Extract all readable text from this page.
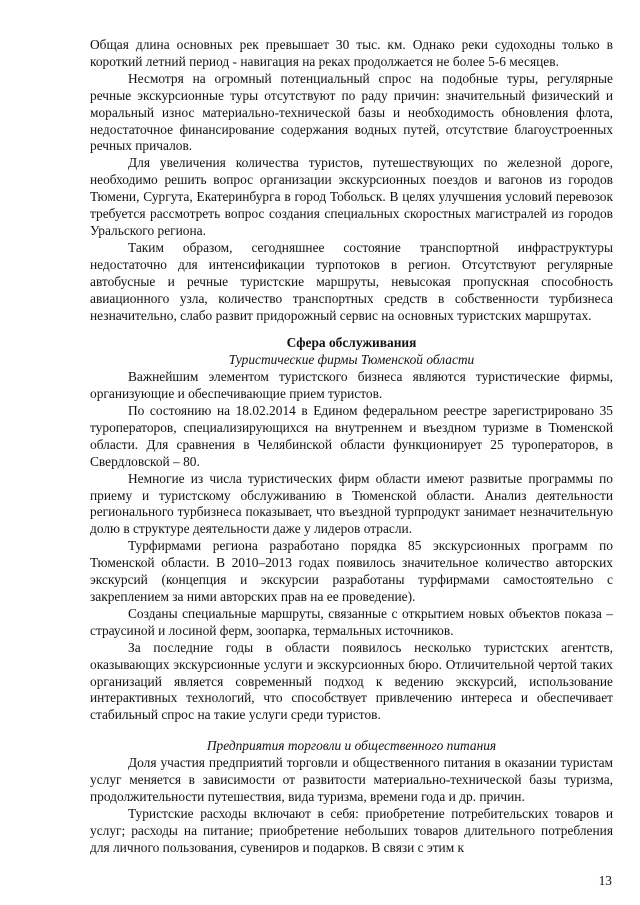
Общая длина основных рек превышает 30 тыс. км. Однако реки судоходны только в короткий летний период - навигация на реках продолжается не более 5-6 месяцев.

Несмотря на огромный потенциальный спрос на подобные туры, регулярные речные экскурсионные туры отсутствуют по раду причин: значительный физический и моральный износ материально-технической базы и необходимость обновления флота, недостаточное финансирование содержания водных путей, отсутствие благоустроенных речных причалов.

Для увеличения количества туристов, путешествующих по железной дороге, необходимо решить вопрос организации экскурсионных поездов и вагонов из городов Тюмени, Сургута, Екатеринбурга в город Тобольск. В целях улучшения условий перевозок требуется рассмотреть вопрос создания специальных скоростных магистралей из городов Уральского региона.

Таким образом, сегодняшнее состояние транспортной инфраструктуры недостаточно для интенсификации турпотоков в регион. Отсутствуют регулярные автобусные и речные туристские маршруты, невысокая пропускная способность авиационного узла, количество транспортных средств в собственности турбизнеса незначительно, слабо развит придорожный сервис на основных туристских маршрутах.

Сфера обслуживания

Туристические фирмы Тюменской области

Важнейшим элементом туристского бизнеса являются туристические фирмы, организующие и обеспечивающие прием туристов.

По состоянию на 18.02.2014 в Едином федеральном реестре зарегистрировано 35 туроператоров, специализирующихся на внутреннем и въездном туризме в Тюменской области. Для сравнения в Челябинской области функционирует 25 туроператоров, в Свердловской – 80.

Немногие из числа туристических фирм области имеют развитые программы по приему и туристскому обслуживанию в Тюменской области. Анализ деятельности регионального турбизнеса показывает, что въездной турпродукт занимает незначительную долю в структуре деятельности даже у лидеров отрасли.

Турфирмами региона разработано порядка 85 экскурсионных программ по Тюменской области. В 2010–2013 годах появилось значительное количество авторских экскурсий (концепция и экскурсии разработаны турфирмами самостоятельно с закреплением за ними авторских прав на ее проведение).

Созданы специальные маршруты, связанные с открытием новых объектов показа – страусиной и лосиной ферм, зоопарка, термальных источников.

За последние годы в области появилось несколько туристских агентств, оказывающих экскурсионные услуги и экскурсионных бюро. Отличительной чертой таких организаций является современный подход к ведению экскурсий, использование интерактивных технологий, что способствует привлечению интереса и обеспечивает стабильный спрос на такие услуги среди туристов.

Предприятия торговли и общественного питания

Доля участия предприятий торговли и общественного питания в оказании туристам услуг меняется в зависимости от развитости материально-технической базы туризма, продолжительности путешествия, вида туризма, времени года и др. причин.

Туристские расходы включают в себя: приобретение потребительских товаров и услуг; расходы на питание; приобретение небольших товаров длительного потребления для личного пользования, сувениров и подарков. В связи с этим к

13
